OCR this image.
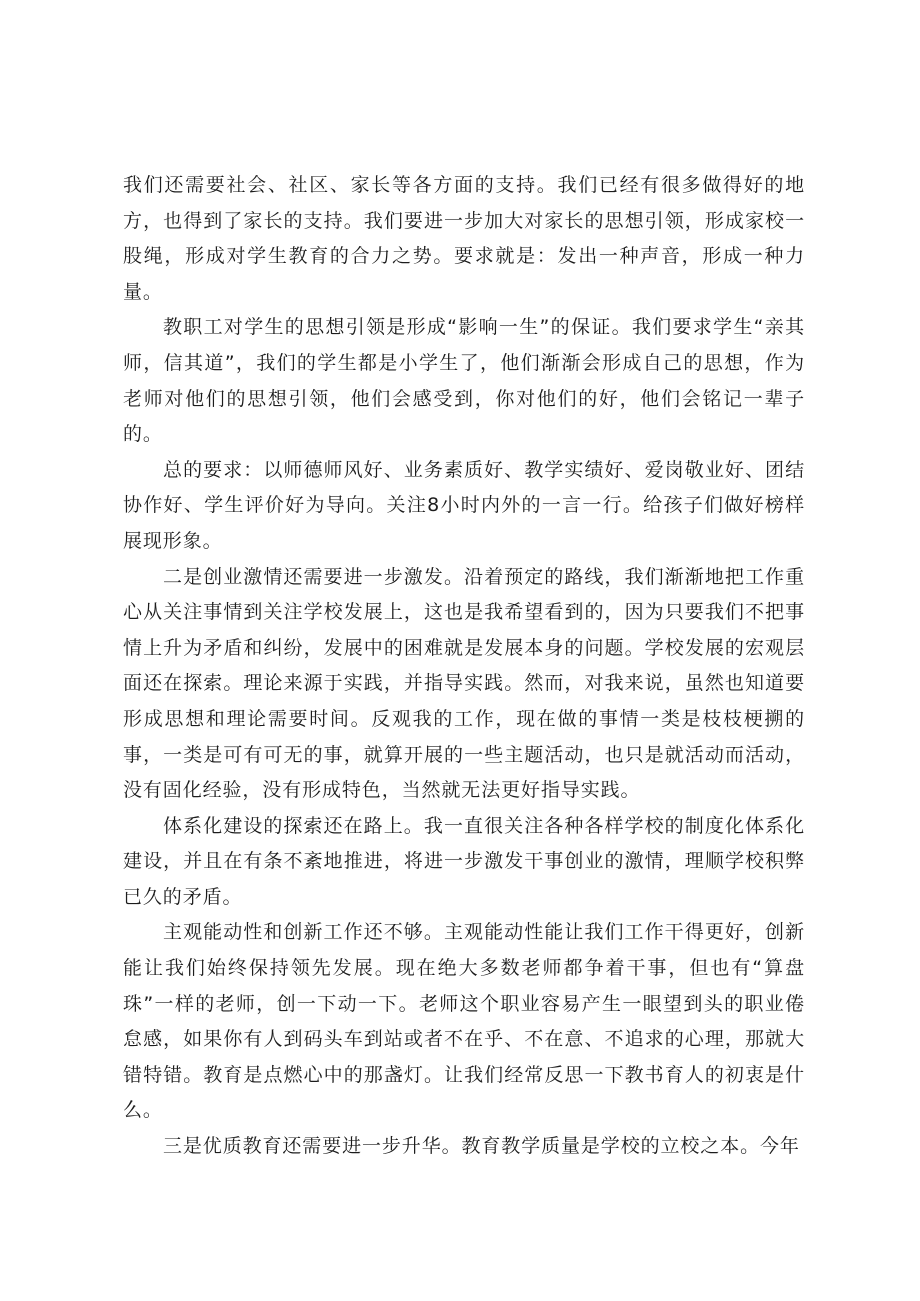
我们还需要社会、社区、家长等各方面的支持。我们已经有很多做得好的地方，也得到了家长的支持。我们要进一步加大对家长的思想引领，形成家校一股绳，形成对学生教育的合力之势。要求就是：发出一种声音，形成一种力量。

教职工对学生的思想引领是形成“影响一生”的保证。我们要求学生“亲其师，信其道”，我们的学生都是小学生了，他们渐渐会形成自己的思想，作为老师对他们的思想引领，他们会感受到，你对他们的好，他们会铭记一辈子的。

总的要求：以师德师风好、业务素质好、教学实绩好、爱岗敬业好、团结协作好、学生评价好为导向。关注8小时内外的一言一行。给孩子们做好榜样展现形象。

二是创业激情还需要进一步激发。沿着预定的路线，我们渐渐地把工作重心从关注事情到关注学校发展上，这也是我希望看到的，因为只要我们不把事情上升为矛盾和纠纷，发展中的困难就是发展本身的问题。学校发展的宏观层面还在探索。理论来源于实践，并指导实践。然而，对我来说，虽然也知道要形成思想和理论需要时间。反观我的工作，现在做的事情一类是枝枝梗搠的事，一类是可有可无的事，就算开展的一些主题活动，也只是就活动而活动，没有固化经验，没有形成特色，当然就无法更好指导实践。

体系化建设的探索还在路上。我一直很关注各种各样学校的制度化体系化建设，并且在有条不紊地推进，将进一步激发干事创业的激情，理顺学校积弊已久的矛盾。

主观能动性和创新工作还不够。主观能动性能让我们工作干得更好，创新能让我们始终保持领先发展。现在绝大多数老师都争着干事，但也有“算盘珠”一样的老师，创一下动一下。老师这个职业容易产生一眼望到头的职业倦怠感，如果你有人到码头车到站或者不在乎、不在意、不追求的心理，那就大错特错。教育是点燃心中的那盏灯。让我们经常反思一下教书育人的初衷是什么。

三是优质教育还需要进一步升华。教育教学质量是学校的立校之本。今年
